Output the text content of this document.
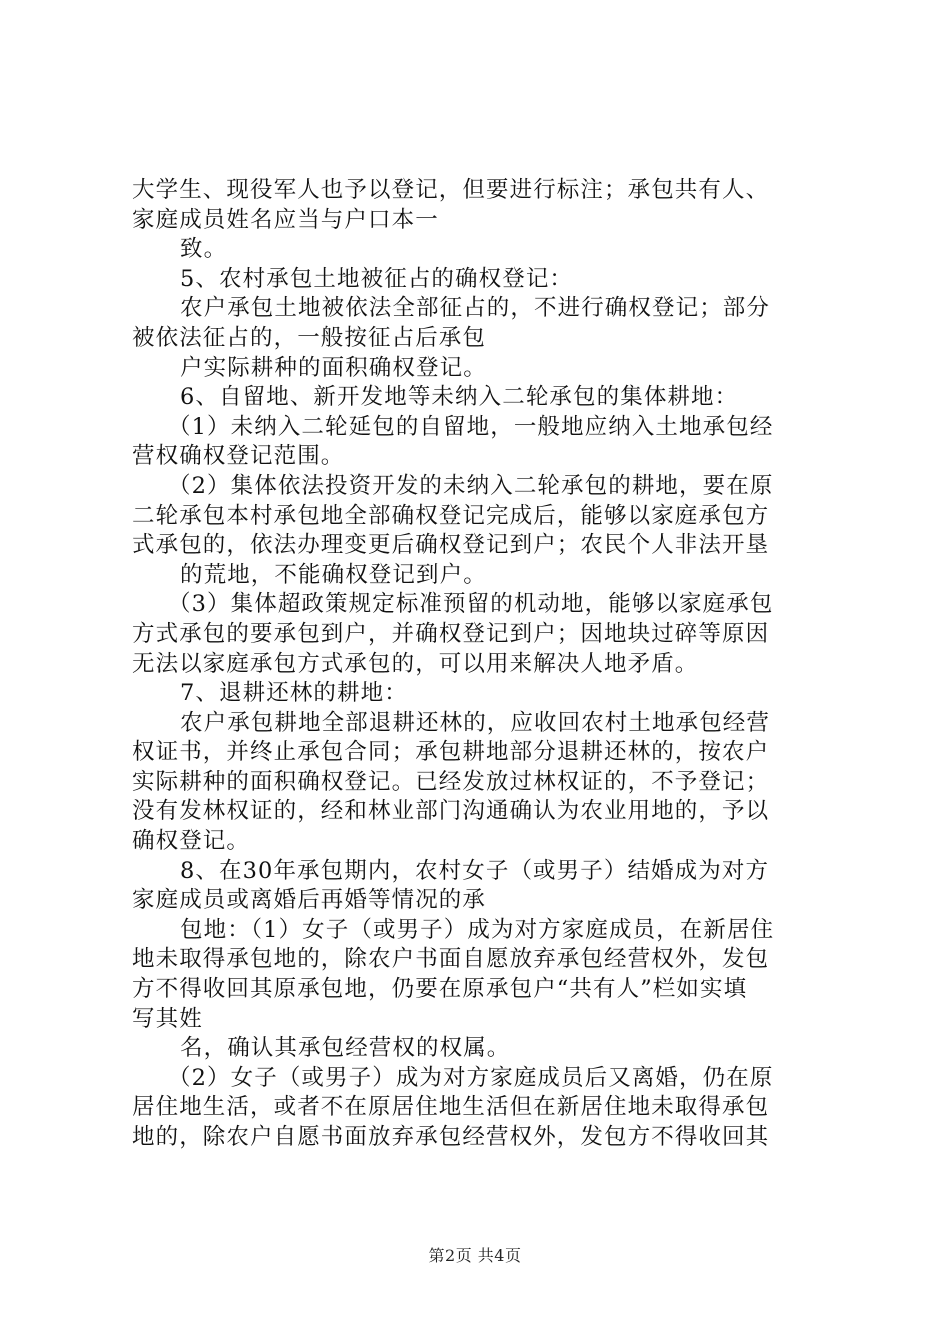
大学生、现役军人也予以登记，但要进行标注；承包共有人、
家庭成员姓名应当与户口本一
致。
5、农村承包土地被征占的确权登记：
农户承包土地被依法全部征占的，不进行确权登记；部分
被依法征占的，一般按征占后承包
户实际耕种的面积确权登记。
6、自留地、新开发地等未纳入二轮承包的集体耕地：
（1）未纳入二轮延包的自留地，一般地应纳入土地承包经
营权确权登记范围。
（2）集体依法投资开发的未纳入二轮承包的耕地，要在原
二轮承包本村承包地全部确权登记完成后，能够以家庭承包方
式承包的，依法办理变更后确权登记到户；农民个人非法开垦
的荒地，不能确权登记到户。
（3）集体超政策规定标准预留的机动地，能够以家庭承包
方式承包的要承包到户，并确权登记到户；因地块过碎等原因
无法以家庭承包方式承包的，可以用来解决人地矛盾。
7、退耕还林的耕地：
农户承包耕地全部退耕还林的，应收回农村土地承包经营
权证书，并终止承包合同；承包耕地部分退耕还林的，按农户
实际耕种的面积确权登记。已经发放过林权证的，不予登记；
没有发林权证的，经和林业部门沟通确认为农业用地的，予以
确权登记。
8、在30年承包期内，农村女子（或男子）结婚成为对方
家庭成员或离婚后再婚等情况的承
包地：（1）女子（或男子）成为对方家庭成员，在新居住
地未取得承包地的，除农户书面自愿放弃承包经营权外，发包
方不得收回其原承包地，仍要在原承包户“共有人”栏如实填
写其姓
名，确认其承包经营权的权属。
（2）女子（或男子）成为对方家庭成员后又离婚，仍在原
居住地生活，或者不在原居住地生活但在新居住地未取得承包
地的，除农户自愿书面放弃承包经营权外，发包方不得收回其
第2页 共4页
